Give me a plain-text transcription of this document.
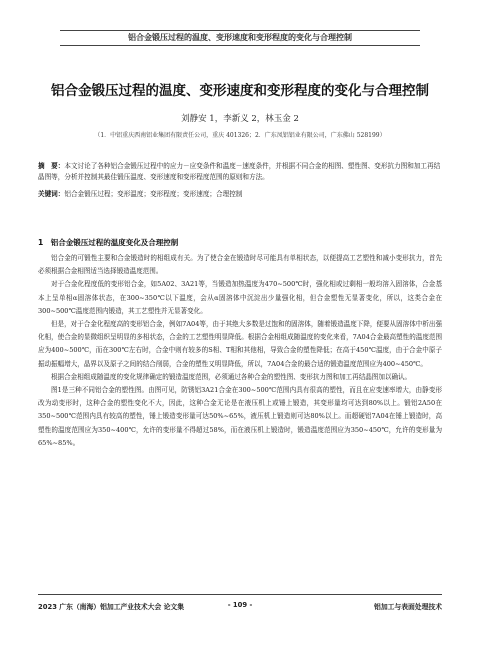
铝合金锻压过程的温度、变形速度和变形程度的变化与合理控制
铝合金锻压过程的温度、变形速度和变形程度的变化与合理控制
刘静安 1，李新义 2，林玉金 2
（1．中铝重庆西南铝业集团有限责任公司，重庆 401326；2．广东凤铝铝业有限公司，广东佛山 528199）
摘　要：本文讨论了各种铝合金锻压过程中的应力－应变条件和温度－速度条件，并根据不同合金的相图、塑性图、变形抗力图和加工再结晶图等，分析并控制其最佳锻压温度、变形速度和变形程度范围的原则和方法。
关键词：铝合金锻压过程；变形温度；变形程度；变形速度；合理控制
1　铝合金锻压过程的温度变化及合理控制

铝合金的可锻性主要和合金锻造时的相组成有关。为了使合金在锻造时尽可能具有单相状态，以便提高工艺塑性和减小变形抗力，首先必须根据合金相图适当选择锻造温度范围。

对于合金化程度低的变形铝合金，如5A02、3A21等，当锻造加热温度为470~500℃时，强化相或过剩相一般均溶入固溶体，合金基本上呈单相α固溶体状态，在300~350℃以下温度，会从α固溶体中沉淀出少量强化相，但合金塑性无显著变化，所以，这类合金在300~500℃温度范围内锻造，其工艺塑性并无显著变化。

但是，对于合金化程度高的变形铝合金，例如7A04等，由于其绝大多数是过饱和的固溶体，随着锻造温度下降，便要从固溶体中析出强化相，使合金的显微组织呈明显的多相状态，合金的工艺塑性明显降低。根据合金相组成随温度的变化来看，7A04合金最高塑性的温度范围应为400~500℃，而在300℃左右时，合金中则有较多的S相、T相和其他相，导致合金的塑性降低；在高于450℃温度，由于合金中原子振动振幅增大，晶界以及原子之间的结合削弱，合金的塑性又明显降低，所以，7A04合金的最合适的锻造温度范围应为400~450℃。

根据合金相组成随温度的变化规律确定的锻造温度范围，必须通过各种合金的塑性图、变形抗力图和加工再结晶图加以确认。

图1是三种不同铝合金的塑性图。由图可见，防锈铝3A21合金在300~500℃范围内具有很高的塑性，而且在应变速率增大，由静变形改为动变形时，这种合金的塑性变化不大，因此，这种合金无论是在液压机上或锤上锻造，其变形量均可达到80%以上。锻铝2A50在350~500℃范围内具有较高的塑性，锤上锻造变形量可达50%~65%，液压机上锻造则可达80%以上。而超硬铝7A04在锤上锻造时，高塑性的温度范围应为350~400℃，允许的变形量不得超过58%，而在液压机上锻造时，锻造温度范围应为350~450℃，允许的变形量为65%~85%。

2023 广东（南海）铝加工产业技术大会 论文集	- 109 -	铝加工与表面处理技术
